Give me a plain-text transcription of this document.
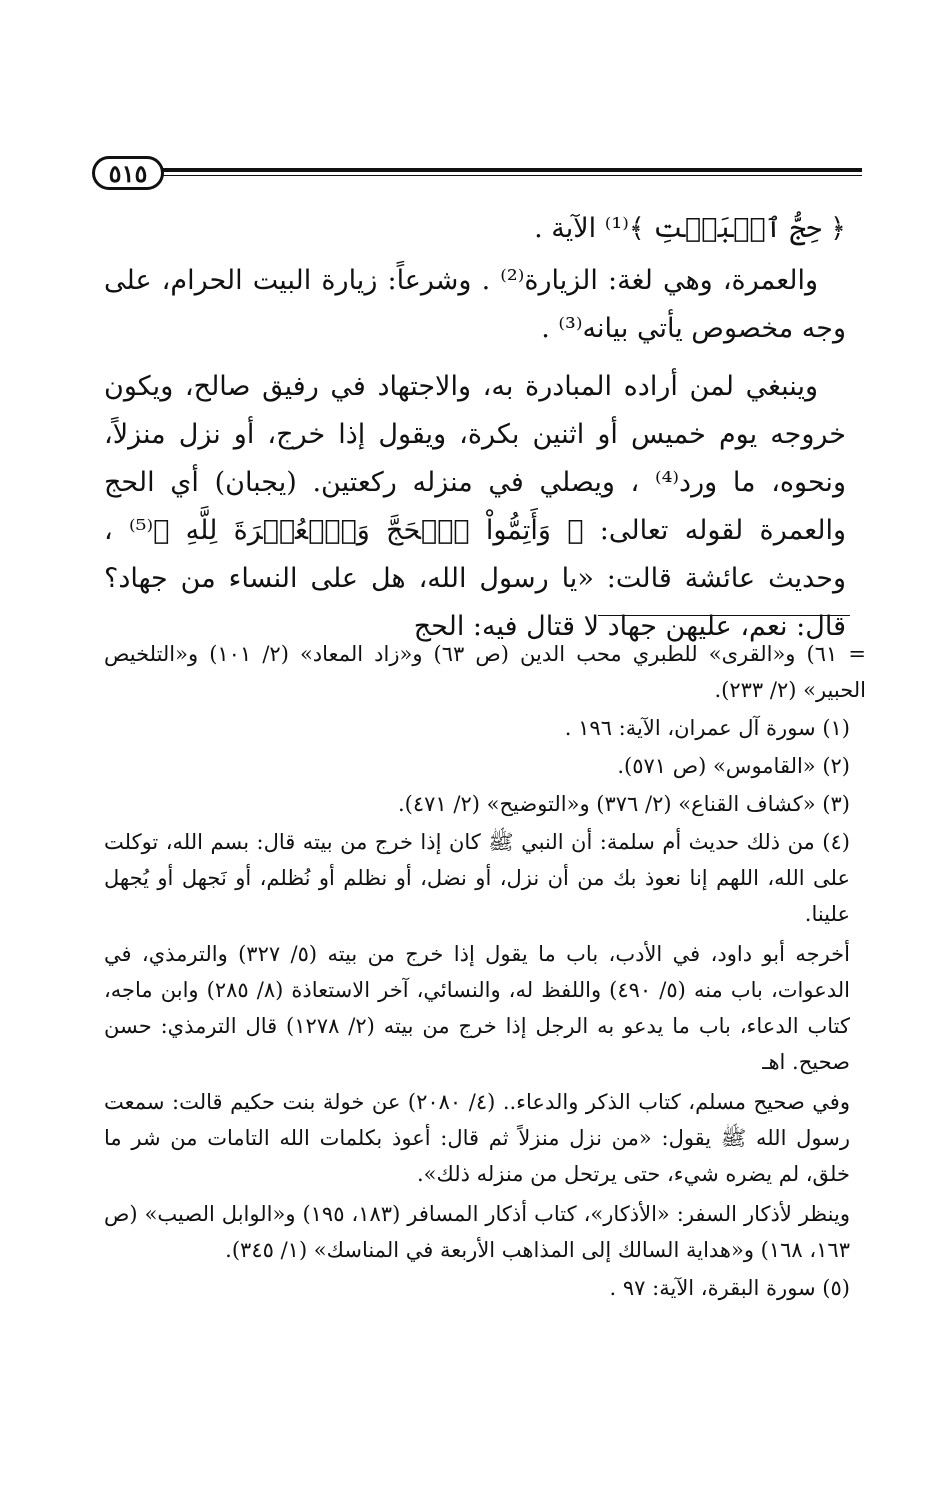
٥١٥

﴿ حِجُّ ٱلۡبَيۡتِ ﴾⁽¹⁾ الآية .

والعمرة، وهي لغة: الزيارة⁽²⁾ . وشرعاً: زيارة البيت الحرام، على وجه مخصوص يأتي بيانه⁽³⁾ .

وينبغي لمن أراده المبادرة به، والاجتهاد في رفيق صالح، ويكون خروجه يوم خميس أو اثنين بكرة، ويقول إذا خرج، أو نزل منزلاً، ونحوه، ما ورد⁽⁴⁾ ، ويصلي في منزله ركعتين. (يجبان) أي الحج والعمرة لقوله تعالى: ﴿ وَأَتِمُّواْ ٱلۡحَجَّ وَٱلۡعُمۡرَةَ لِلَّهِ ﴾⁽⁵⁾ ، وحديث عائشة قالت: «يا رسول الله، هل على النساء من جهاد؟ قال: نعم، عليهن جهاد لا قتال فيه: الحج

= ٦١) و«القرى» للطبري محب الدين (ص ٦٣) و«زاد المعاد» (٢/ ١٠١) و«التلخيص الحبير» (٢/ ٢٣٣).

(١) سورة آل عمران، الآية: ١٩٦ .

(٢) «القاموس» (ص ٥٧١).

(٣) «كشاف القناع» (٢/ ٣٧٦) و«التوضيح» (٢/ ٤٧١).

(٤) من ذلك حديث أم سلمة: أن النبي ﷺ كان إذا خرج من بيته قال: بسم الله، توكلت على الله، اللهم إنا نعوذ بك من أن نزل، أو نضل، أو نظلم أو نُظلم، أو نَجهل أو يُجهل علينا.

أخرجه أبو داود، في الأدب، باب ما يقول إذا خرج من بيته (٥/ ٣٢٧) والترمذي، في الدعوات، باب منه (٥/ ٤٩٠) واللفظ له، والنسائي، آخر الاستعاذة (٨/ ٢٨٥) وابن ماجه، كتاب الدعاء، باب ما يدعو به الرجل إذا خرج من بيته (٢/ ١٢٧٨) قال الترمذي: حسن صحيح. اهـ

وفي صحيح مسلم، كتاب الذكر والدعاء.. (٤/ ٢٠٨٠) عن خولة بنت حكيم قالت: سمعت رسول الله ﷺ يقول: «من نزل منزلاً ثم قال: أعوذ بكلمات الله التامات من شر ما خلق، لم يضره شيء، حتى يرتحل من منزله ذلك».

وينظر لأذكار السفر: «الأذكار»، كتاب أذكار المسافر (١٨٣، ١٩٥) و«الوابل الصيب» (ص ١٦٣، ١٦٨) و«هداية السالك إلى المذاهب الأربعة في المناسك» (١/ ٣٤٥).

(٥) سورة البقرة، الآية: ٩٧ .
